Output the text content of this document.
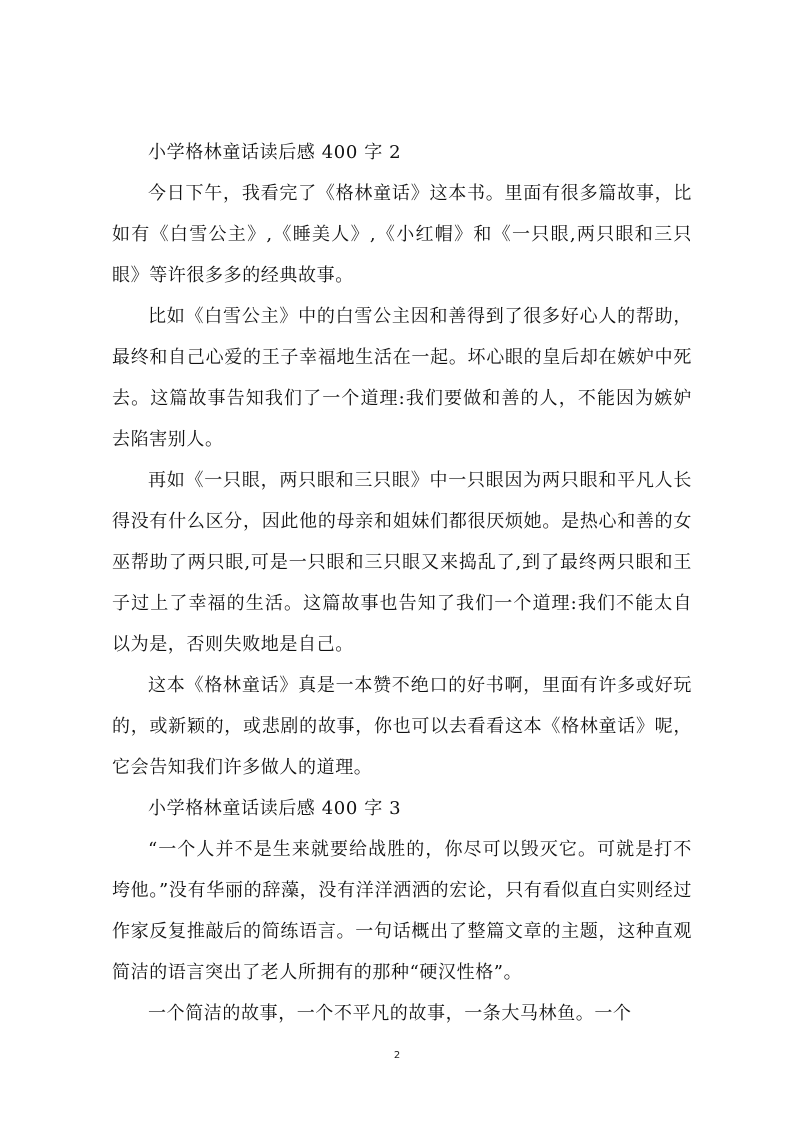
小学格林童话读后感 400 字 2

今日下午，我看完了《格林童话》这本书。里面有很多篇故事，比如有《白雪公主》,《睡美人》,《小红帽》和《一只眼,两只眼和三只眼》等许很多多的经典故事。

比如《白雪公主》中的白雪公主因和善得到了很多好心人的帮助，最终和自己心爱的王子幸福地生活在一起。坏心眼的皇后却在嫉妒中死去。这篇故事告知我们了一个道理:我们要做和善的人，不能因为嫉妒去陷害别人。

再如《一只眼，两只眼和三只眼》中一只眼因为两只眼和平凡人长得没有什么区分，因此他的母亲和姐妹们都很厌烦她。是热心和善的女巫帮助了两只眼,可是一只眼和三只眼又来捣乱了,到了最终两只眼和王子过上了幸福的生活。这篇故事也告知了我们一个道理:我们不能太自以为是，否则失败地是自己。

这本《格林童话》真是一本赞不绝口的好书啊，里面有许多或好玩的，或新颖的，或悲剧的故事，你也可以去看看这本《格林童话》呢，它会告知我们许多做人的道理。

小学格林童话读后感 400 字 3

“一个人并不是生来就要给战胜的，你尽可以毁灭它。可就是打不垮他。”没有华丽的辞藻，没有洋洋洒洒的宏论，只有看似直白实则经过作家反复推敲后的简练语言。一句话概出了整篇文章的主题，这种直观简洁的语言突出了老人所拥有的那种“硬汉性格”。

一个简洁的故事，一个不平凡的故事，一条大马林鱼。一个

2
